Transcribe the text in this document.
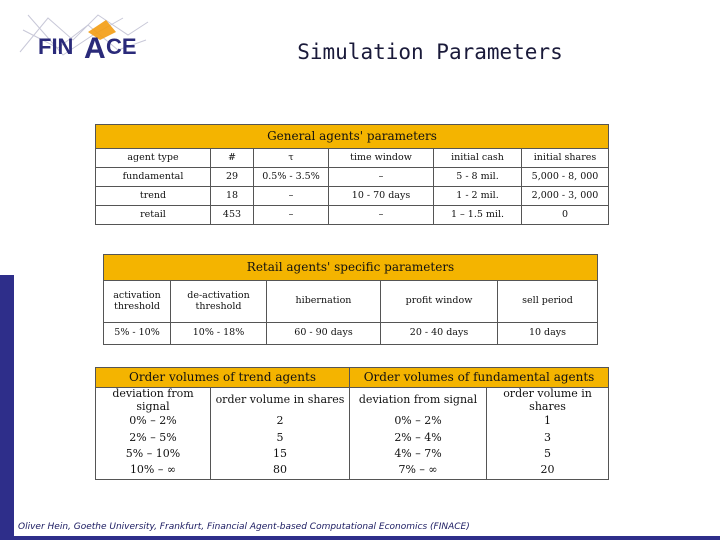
FIN A CE	Simulation Parameters
General agents' parameters					
agent type	#	τ	time window	initial cash	initial shares
fundamental	29	0.5% - 3.5%	–	5 - 8 mil.	5,000 - 8, 000
trend	18	–	10 - 70 days	1 - 2 mil.	2,000 - 3, 000
retail	453	–	–	1 – 1.5 mil.	0
Retail agents' specific parameters				
activation threshold	de-activation threshold	hibernation	profit window	sell period
5% - 10%	10% - 18%	60 - 90 days	20 - 40 days	10 days
Order volumes of trend agents		Order volumes of fundamental agents	
deviation from signal	order volume in shares	deviation from signal	order volume in shares

0% – 2%	2	0% – 2%	1
2% – 5%	5	2% – 4%	3
5% – 10%	15	4% – 7%	5
10% – ∞	80	7% – ∞	20
Oliver Hein, Goethe University, Frankfurt, Financial Agent-based Computational Economics (FINACE)
